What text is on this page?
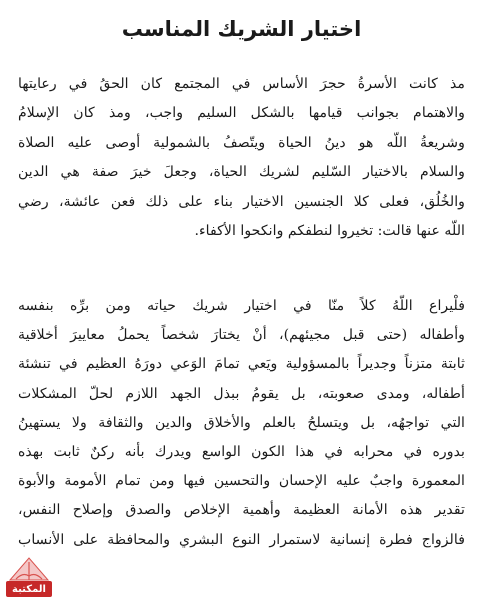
اختيار الشريك المناسب
مذ كانت الأسرةُ حجرَ الأساس في المجتمع كان الحقُ في رعايتها
والاهتمام بجوانب قيامها بالشكل السليم واجب، ومذ كان الإسلامُ
وشريعةُ اللّه هو دينُ الحياة ويتّصفُ بالشمولية أوصى عليه الصلاة
والسلام بالاختيار السّليم لشريك الحياة، وجعلَ خيرَ صفة هي الدين
والخُلُق، فعلى كلا الجنسين الاختيار بناء على ذلك فعن عائشة، رضي
اللّه عنها قالت: تخيروا لنطفكم وانكحوا الأكفاء.
فلْيراع اللّهُ كلاً منّا في اختيار شريك حياته ومن برِّه بنفسه
وأطفاله (حتى قبل مجيئهم)، أنْ يختارَ شخصاً يحملُ معاييرَ أخلاقية
ثابتة متزناً وجديراً بالمسؤولية ويَعي تمامَ الوَعي دورَهُ العظيم في تنشئة
أطفاله، ومدى صعوبته، بل يقومُ ببذل الجهد اللازم لحلّ المشكلات
التي تواجهُه، بل ويتسلحُ بالعلم والأخلاق والدين والثقافة ولا يستهينُ
بدوره في محرابه في هذا الكون الواسع ويدرك بأنه ركنٌ ثابت بهذه
المعمورة واجبٌ عليه الإحسان والتحسين فيها ومن تمام الأمومة والأبوة
تقدير هذه الأمانة العظيمة وأهمية الإخلاص والصدق وإصلاح النفس،
فالزواج فطرة إنسانية لاستمرار النوع البشري والمحافظة على الأنساب
المكتبة
